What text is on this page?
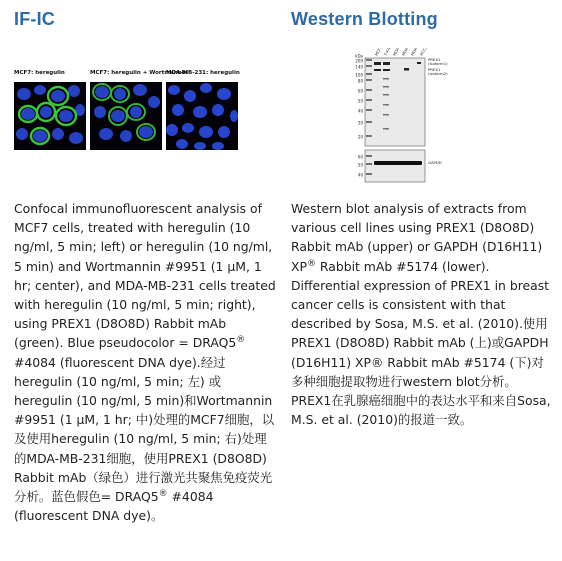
IF-IC
MCF7: heregulin	MCF7: heregulin + Wortmannin
MDA-MB-231: heregulin

Confocal immunofluorescent analysis of MCF7 cells, treated with heregulin (10 ng/ml, 5 min; left) or heregulin (10 ng/ml, 5 min) and Wortmannin #9951 (1 µM, 1 hr; center), and MDA-MB-231 cells treated with heregulin (10 ng/ml, 5 min; right), using PREX1 (D8O8D) Rabbit mAb (green). Blue pseudocolor = DRAQ5® #4084 (fluorescent DNA dye).经过heregulin (10 ng/ml, 5 min; 左) 或heregulin (10 ng/ml, 5 min)和Wortmannin #9951 (1 µM, 1 hr; 中)处理的MCF7细胞，以及使用heregulin (10 ng/ml, 5 min; 右)处理的MDA-MB-231细胞，使用PREX1 (D8O8D) Rabbit mAb（绿色）进行激光共聚焦免疫荧光分析。蓝色假色= DRAQ5® #4084 (fluorescent DNA dye)。

Western Blotting
MCF7 T-47D	HCC38
kDa
200
140
100
80
60
50
40
30
20
60
50
40
PREX1 (isoform1)
PREX1 (isoform2)
GAPDH

Western blot analysis of extracts from various cell lines using PREX1 (D8O8D) Rabbit mAb (upper) or GAPDH (D16H11) XP® Rabbit mAb #5174 (lower). Differential expression of PREX1 in breast cancer cells is consistent with that described by Sosa, M.S. et al. (2010).使用PREX1 (D8O8D) Rabbit mAb (上)或GAPDH (D16H11) XP® Rabbit mAb #5174 (下)对多种细胞提取物进行western blot分析。PREX1在乳腺癌细胞中的表达水平和来自Sosa, M.S. et al. (2010)的报道一致。
